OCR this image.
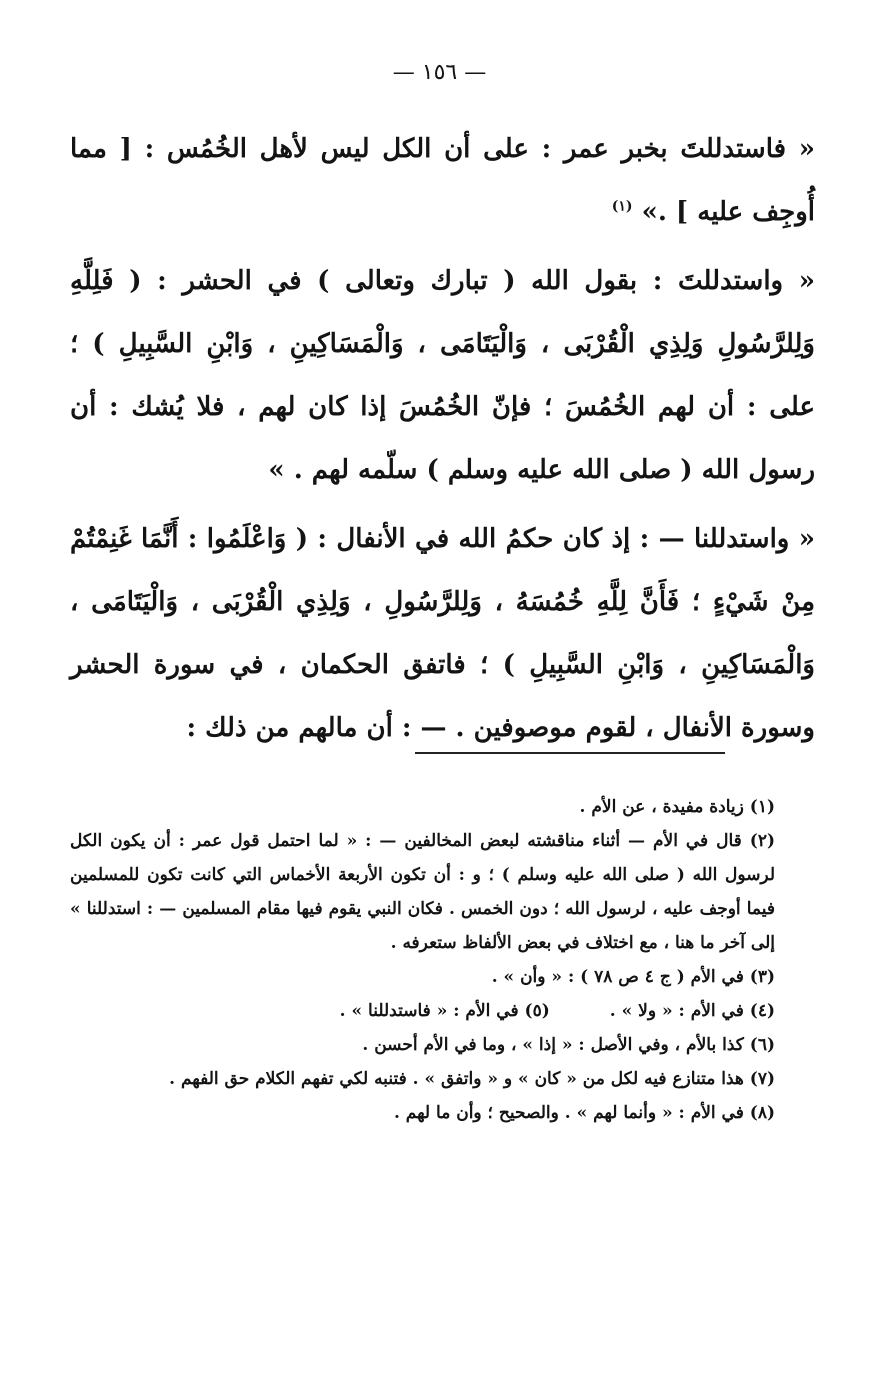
— ١٥٦ —

« فاستدللتَ بخبر عمر : على أن الكل ليس لأهل الخُمُس : [ مما أُوجِف عليه ] .» $^{(١)}$

« واستدللتَ : بقول الله ( تبارك وتعالى ) في الحشر : ( فَلِلَّهِ وَلِلرَّسُولِ وَلِذِي الْقُرْبَى ، وَالْيَتَامَى ، وَالْمَسَاكِينِ ، وَابْنِ السَّبِيلِ ) ؛ على : أن لهم الخُمُسَ ؛ فإنّ الخُمُسَ إذا كان لهم ، فلا يُشك : أن رسول الله ( صلى الله عليه وسلم ) سلّمه لهم . »

« واستدللنا — : إذ كان حكمُ الله في الأنفال : ( وَاعْلَمُوا : أَنَّمَا غَنِمْتُمْ مِنْ شَيْءٍ ؛ فَأَنَّ لِلَّهِ خُمُسَهُ ، وَلِلرَّسُولِ ، وَلِذِي الْقُرْبَى ، وَالْيَتَامَى ، وَالْمَسَاكِينِ ، وَابْنِ السَّبِيلِ ) ؛ فاتفق الحكمان ، في سورة الحشر وسورة الأنفال ، لقوم موصوفين . — : أن مالهم من ذلك :

(١) زيادة مفيدة ، عن الأم .

(٢) قال في الأم — أثناء مناقشته لبعض المخالفين — : « لما احتمل قول عمر : أن يكون الكل لرسول الله ( صلى الله عليه وسلم ) ؛ و : أن تكون الأربعة الأخماس التي كانت تكون للمسلمين فيما أوجف عليه ، لرسول الله ؛ دون الخمس . فكان النبي يقوم فيها مقام المسلمين — : استدللنا » إلى آخر ما هنا ، مع اختلاف في بعض الألفاظ ستعرفه .

(٣) في الأم ( ج ٤ ص ٧٨ ) : « وأن » .

(٤) في الأم : « ولا » .
(٥) في الأم : « فاستدللنا » .

(٦) كذا بالأم ، وفي الأصل : « إذا » ، وما في الأم أحسن .

(٧) هذا متنازع فيه لكل من « كان » و « واتفق » . فتنبه لكي تفهم الكلام حق الفهم .

(٨) في الأم : « وأنما لهم » . والصحيح ؛ وأن ما لهم .
